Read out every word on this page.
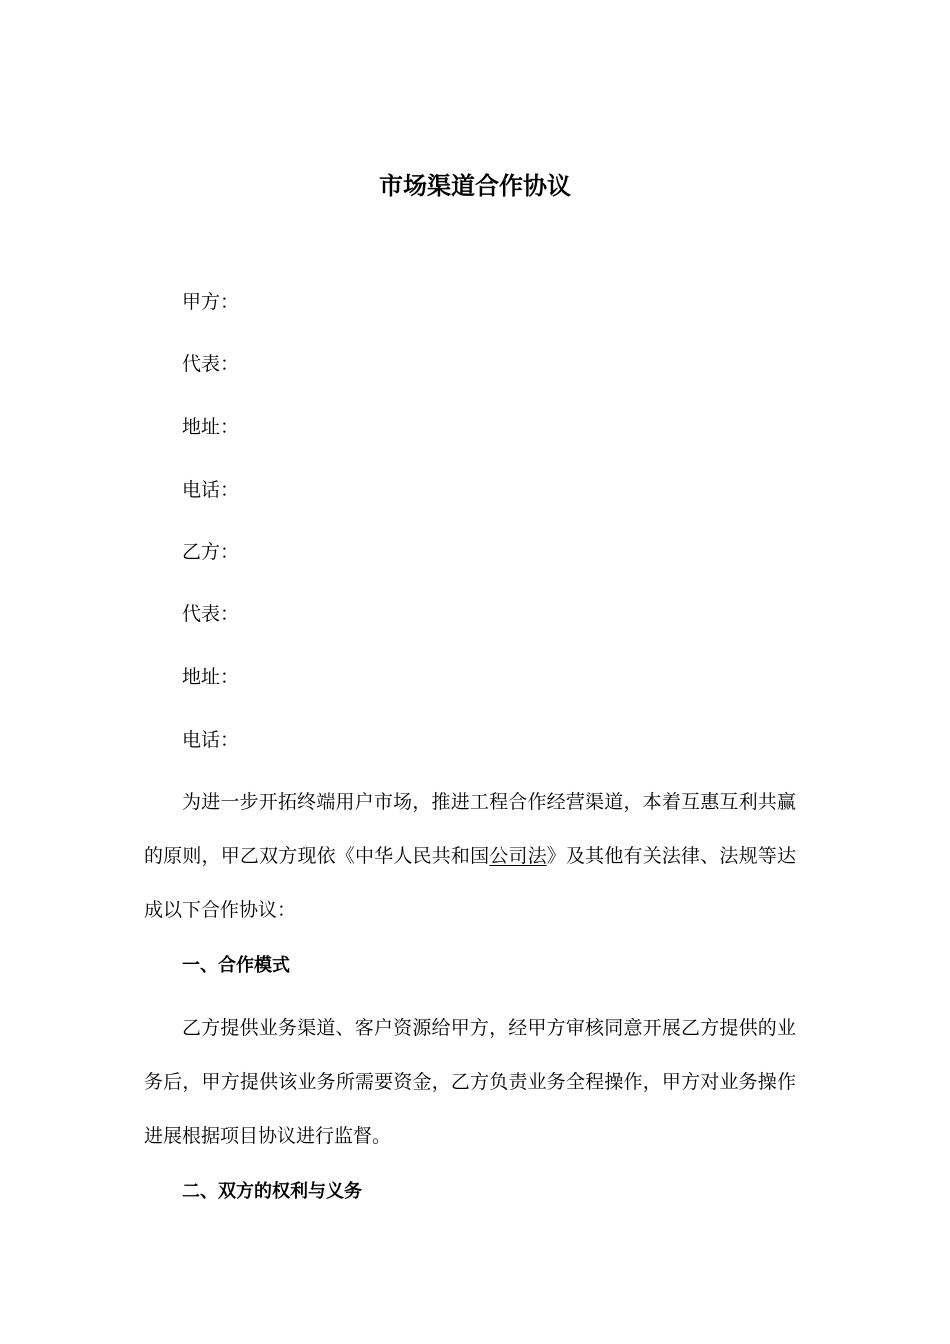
市场渠道合作协议
甲方：
代表：
地址：
电话：
乙方：
代表：
地址：
电话：
为进一步开拓终端用户市场，推进工程合作经营渠道，本着互惠互利共赢的原则，甲乙双方现依《中华人民共和国公司法》及其他有关法律、法规等达成以下合作协议：
一、合作模式
乙方提供业务渠道、客户资源给甲方，经甲方审核同意开展乙方提供的业务后，甲方提供该业务所需要资金，乙方负责业务全程操作，甲方对业务操作进展根据项目协议进行监督。
二、双方的权利与义务
